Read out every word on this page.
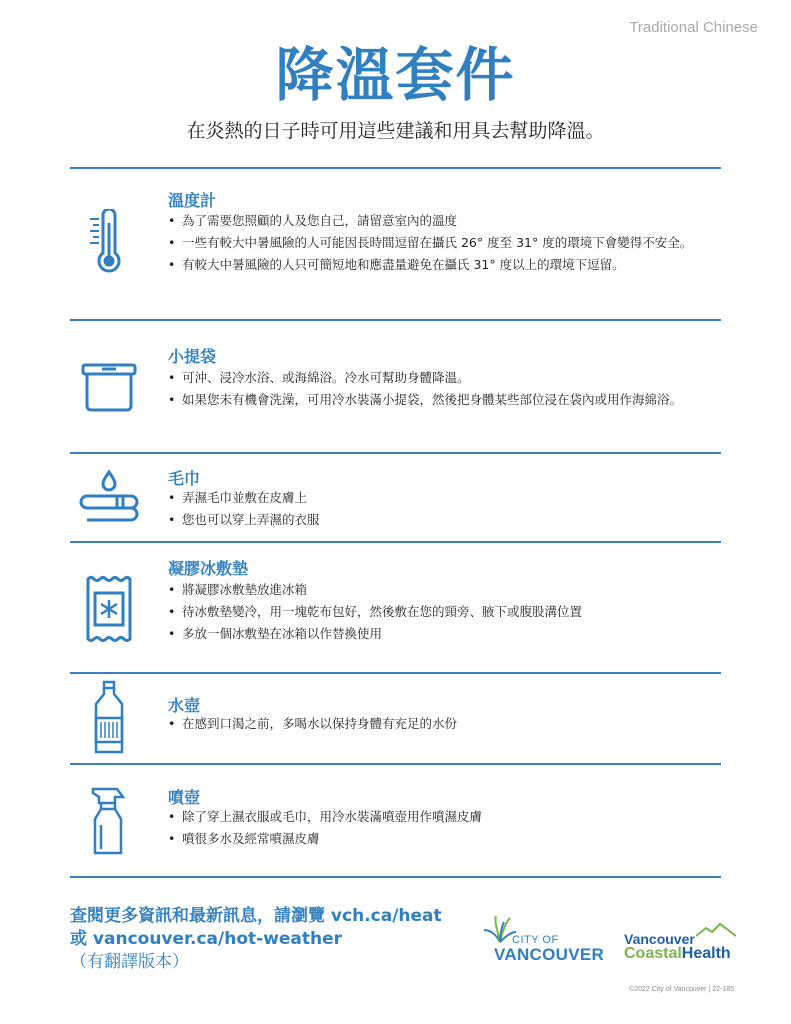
Traditional Chinese
降溫套件
在炎熱的日子時可用這些建議和用具去幫助降溫。
溫度計
• 為了需要您照顧的人及您自己，請留意室內的溫度
• 一些有較大中暑風險的人可能因長時間逗留在攝氏 26° 度至 31° 度的環境下會變得不安全。
• 有較大中暑風險的人只可簡短地和應盡量避免在攝氏 31° 度以上的環境下逗留。
小提袋
• 可沖、浸冷水浴、或海綿浴。冷水可幫助身體降溫。
• 如果您未有機會洗澡，可用冷水裝滿小提袋，然後把身體某些部位浸在袋內或用作海綿浴。
毛巾
• 弄濕毛巾並敷在皮膚上
• 您也可以穿上弄濕的衣服
凝膠冰敷墊
• 將凝膠冰敷墊放進冰箱
• 待冰敷墊變冷，用一塊乾布包好，然後敷在您的頸旁、腋下或腹股溝位置
• 多放一個冰敷墊在冰箱以作替換使用
水壺
• 在感到口渴之前，多喝水以保持身體有充足的水份
噴壺
• 除了穿上濕衣服或毛巾，用冷水裝滿噴壺用作噴濕皮膚
• 噴很多水及經常噴濕皮膚
查閱更多資訊和最新訊息，請瀏覽 vch.ca/heat
或 vancouver.ca/hot-weather
（有翻譯版本）
CITY OF
VANCOUVER
Vancouver
CoastalHealth
©2022 City of Vancouver | 22-185
